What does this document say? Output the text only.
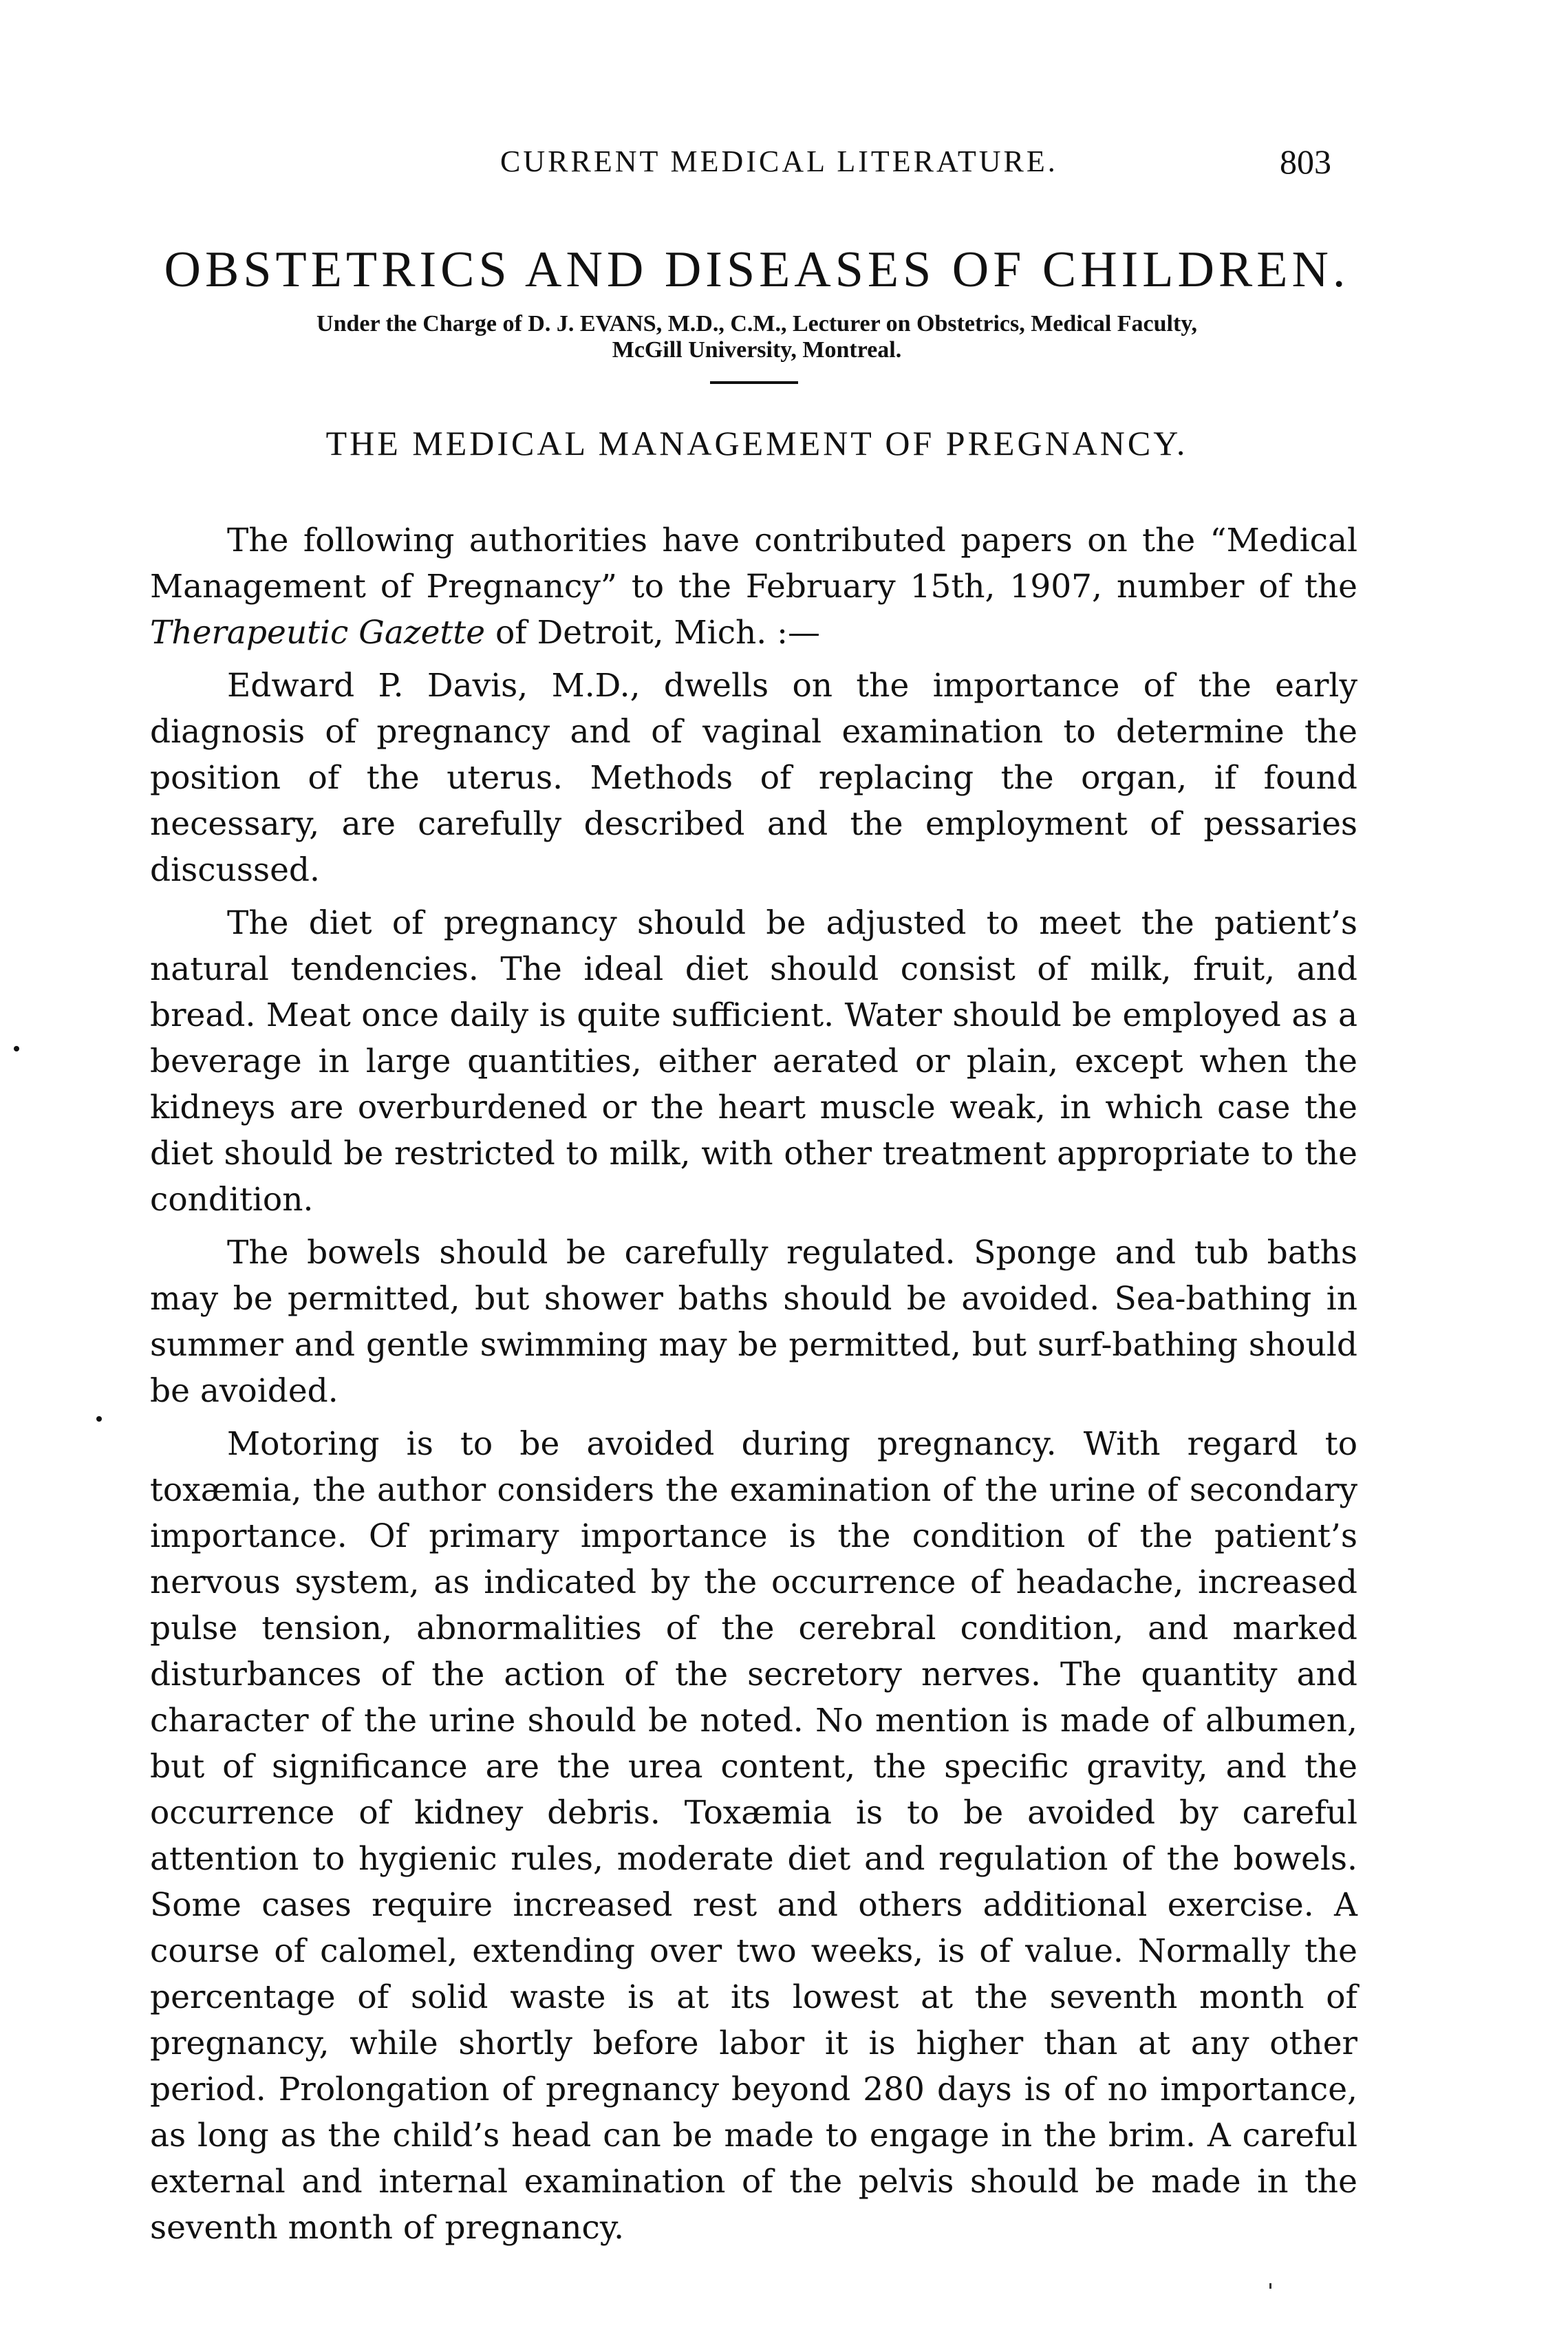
CURRENT MEDICAL LITERATURE.	803
OBSTETRICS AND DISEASES OF CHILDREN.
Under the Charge of D. J. EVANS, M.D., C.M., Lecturer on Obstetrics, Medical Faculty,
McGill University, Montreal.
THE MEDICAL MANAGEMENT OF PREGNANCY.

The following authorities have contributed papers on the “Medical Management of Pregnancy” to the February 15th, 1907, number of the Therapeutic Gazette of Detroit, Mich. :—

Edward P. Davis, M.D., dwells on the importance of the early diagnosis of pregnancy and of vaginal examination to determine the position of the uterus. Methods of replacing the organ, if found necessary, are carefully described and the employment of pessaries discussed.

The diet of pregnancy should be adjusted to meet the patient’s natural tendencies. The ideal diet should consist of milk, fruit, and bread. Meat once daily is quite sufficient. Water should be employed as a beverage in large quantities, either aerated or plain, except when the kidneys are overburdened or the heart muscle weak, in which case the diet should be restricted to milk, with other treatment appropriate to the condition.

The bowels should be carefully regulated. Sponge and tub baths may be permitted, but shower baths should be avoided. Sea-bathing in summer and gentle swimming may be permitted, but surf-bathing should be avoided.

Motoring is to be avoided during pregnancy. With regard to toxæmia, the author considers the examination of the urine of secondary importance. Of primary importance is the condition of the patient’s nervous system, as indicated by the occurrence of headache, increased pulse tension, abnormalities of the cerebral condition, and marked disturbances of the action of the secretory nerves. The quantity and character of the urine should be noted. No mention is made of albumen, but of significance are the urea content, the specific gravity, and the occurrence of kidney debris. Toxæmia is to be avoided by careful attention to hygienic rules, moderate diet and regulation of the bowels. Some cases require increased rest and others additional exercise. A course of calomel, extending over two weeks, is of value. Normally the percentage of solid waste is at its lowest at the seventh month of pregnancy, while shortly before labor it is higher than at any other period. Prolongation of pregnancy beyond 280 days is of no importance, as long as the child’s head can be made to engage in the brim. A careful external and internal examination of the pelvis should be made in the seventh month of pregnancy.
